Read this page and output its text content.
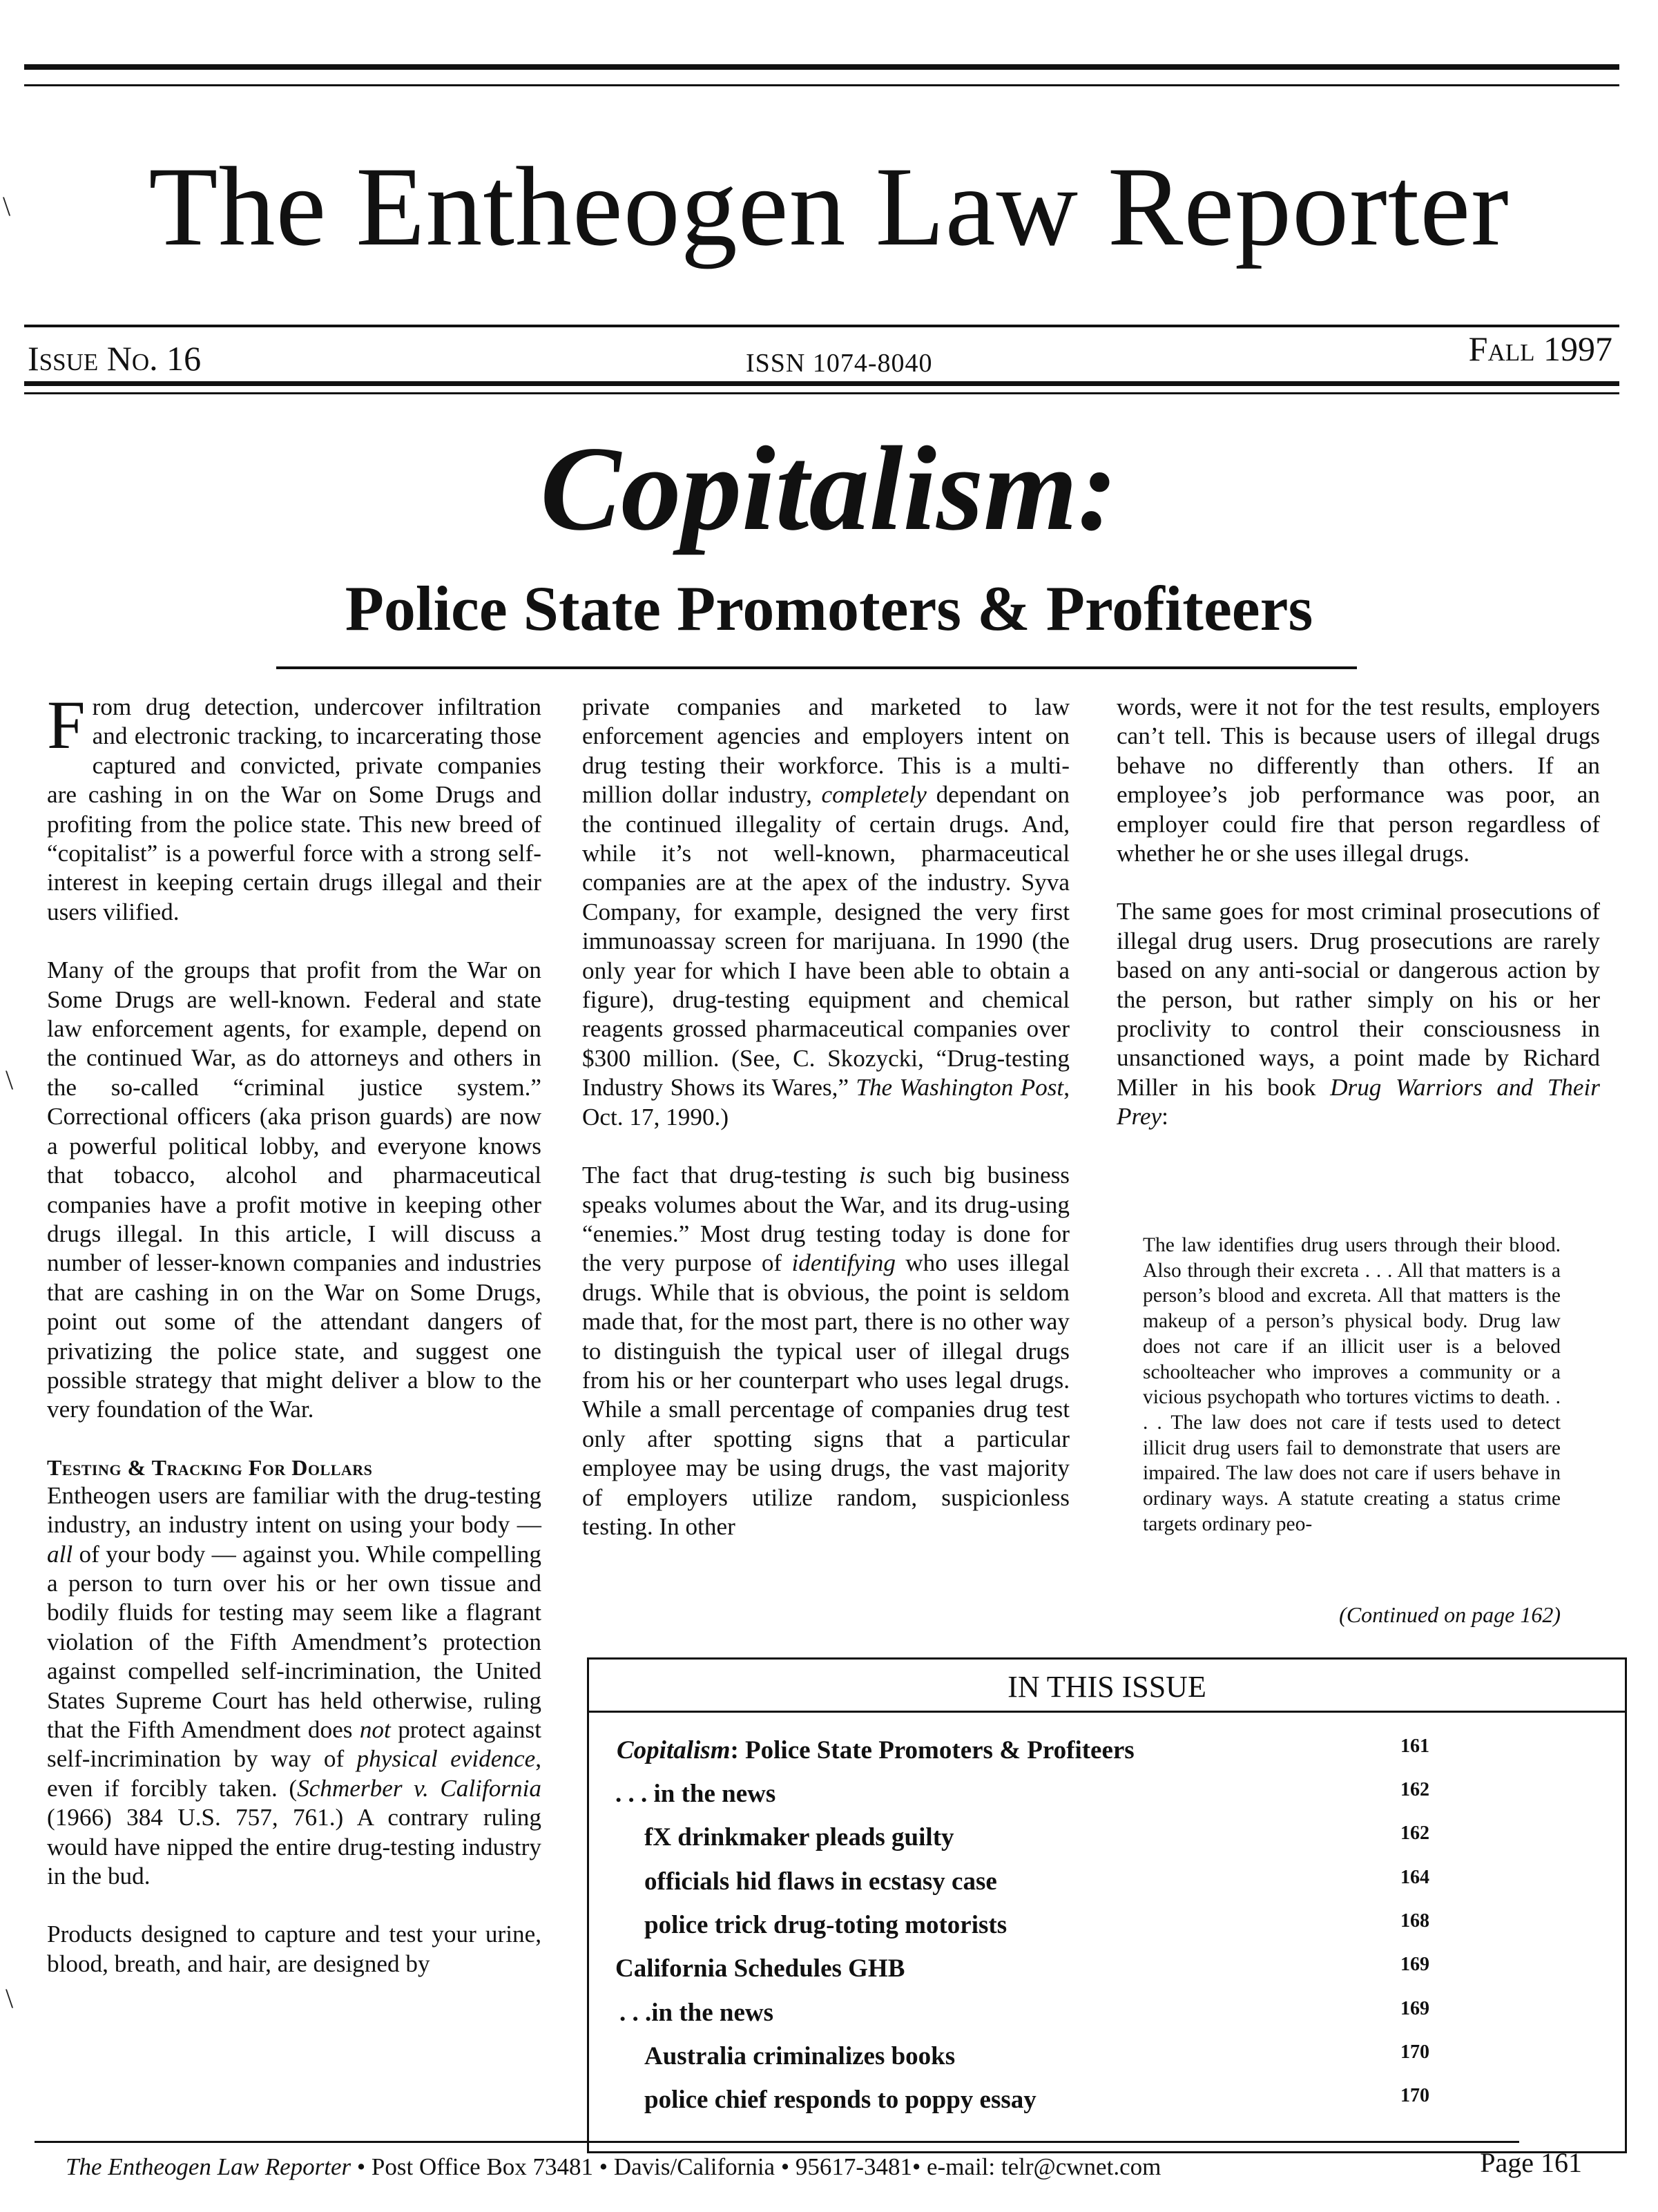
The Entheogen Law Reporter
Issue No. 16	ISSN 1074-8040	Fall 1997
Copitalism:
Police State Promoters & Profiteers

From drug detection, undercover infiltration and electronic tracking, to incarcerating those captured and convicted, private companies are cashing in on the War on Some Drugs and profiting from the police state. This new breed of “copitalist” is a powerful force with a strong self-interest in keeping certain drugs illegal and their users vilified.

Many of the groups that profit from the War on Some Drugs are well-known. Federal and state law enforcement agents, for example, depend on the continued War, as do attorneys and others in the so-called “criminal justice system.” Correctional officers (aka prison guards) are now a powerful political lobby, and everyone knows that tobacco, alcohol and pharmaceutical companies have a profit motive in keeping other drugs illegal. In this article, I will discuss a number of lesser-known companies and industries that are cashing in on the War on Some Drugs, point out some of the attendant dangers of privatizing the police state, and suggest one possible strategy that might deliver a blow to the very foundation of the War.

Testing & Tracking For Dollars

Entheogen users are familiar with the drug-testing industry, an industry intent on using your body — all of your body — against you. While compelling a person to turn over his or her own tissue and bodily fluids for testing may seem like a flagrant violation of the Fifth Amendment’s protection against compelled self-incrimination, the United States Supreme Court has held otherwise, ruling that the Fifth Amendment does not protect against self-incrimination by way of physical evidence, even if forcibly taken. (Schmerber v. California (1966) 384 U.S. 757, 761.) A contrary ruling would have nipped the entire drug-testing industry in the bud.

Products designed to capture and test your urine, blood, breath, and hair, are designed by

private companies and marketed to law enforcement agencies and employers intent on drug testing their workforce. This is a multi-million dollar industry, completely dependant on the continued illegality of certain drugs. And, while it’s not well-known, pharmaceutical companies are at the apex of the industry. Syva Company, for example, designed the very first immunoassay screen for marijuana. In 1990 (the only year for which I have been able to obtain a figure), drug-testing equipment and chemical reagents grossed pharmaceutical companies over $300 million. (See, C. Skozycki, “Drug-testing Industry Shows its Wares,” The Washington Post, Oct. 17, 1990.)

The fact that drug-testing is such big business speaks volumes about the War, and its drug-using “enemies.” Most drug testing today is done for the very purpose of identifying who uses illegal drugs. While that is obvious, the point is seldom made that, for the most part, there is no other way to distinguish the typical user of illegal drugs from his or her counterpart who uses legal drugs. While a small percentage of companies drug test only after spotting signs that a particular employee may be using drugs, the vast majority of employers utilize random, suspicionless testing. In other

words, were it not for the test results, employers can’t tell. This is because users of illegal drugs behave no differently than others. If an employee’s job performance was poor, an employer could fire that person regardless of whether he or she uses illegal drugs.

The same goes for most criminal prosecutions of illegal drug users. Drug prosecutions are rarely based on any anti-social or dangerous action by the person, but rather simply on his or her proclivity to control their consciousness in unsanctioned ways, a point made by Richard Miller in his book Drug Warriors and Their Prey:

The law identifies drug users through their blood. Also through their excreta . . . All that matters is a person’s blood and excreta. All that matters is the makeup of a person’s physical body. Drug law does not care if an illicit user is a beloved schoolteacher who improves a community or a vicious psychopath who tortures victims to death. . . . The law does not care if tests used to detect illicit drug users fail to demonstrate that users are impaired. The law does not care if users behave in ordinary ways. A statute creating a status crime targets ordinary peo-
(Continued on page 162)
IN THIS ISSUE
Copitalism: Police State Promoters & Profiteers	161
. . . in the news	162
fX drinkmaker pleads guilty	162
officials hid flaws in ecstasy case	164
police trick drug-toting motorists	168
California Schedules GHB	169
. . .in the news	169
Australia criminalizes books	170
police chief responds to poppy essay	170
The Entheogen Law Reporter • Post Office Box 73481 • Davis/California • 95617-3481• e-mail: telr@cwnet.com	Page 161
\
\
\
